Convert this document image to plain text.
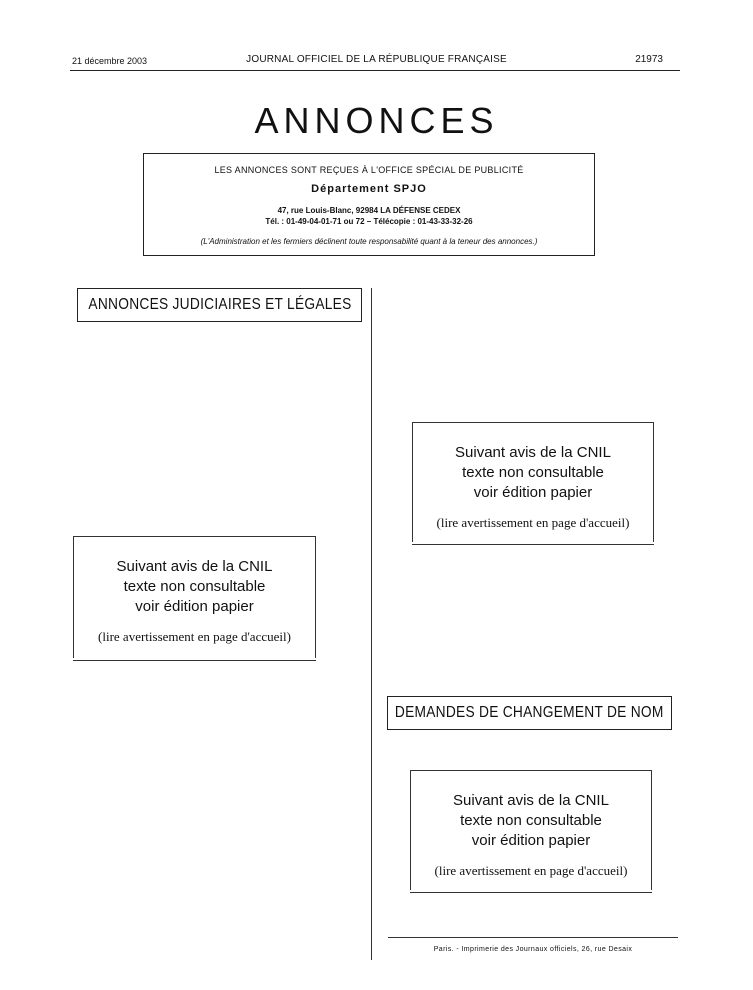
21 décembre 2003	JOURNAL OFFICIEL DE LA RÉPUBLIQUE FRANÇAISE	21973
ANNONCES
LES ANNONCES SONT REÇUES À L'OFFICE SPÉCIAL DE PUBLICITÉ
Département SPJO
47, rue Louis-Blanc, 92984 LA DÉFENSE CEDEX
Tél. : 01-49-04-01-71 ou 72 – Télécopie : 01-43-33-32-26
(L'Administration et les fermiers déclinent toute responsabilité quant à la teneur des annonces.)
ANNONCES JUDICIAIRES ET LÉGALES
Suivant avis de la CNIL
texte non consultable
voir édition papier
(lire avertissement en page d'accueil)
Suivant avis de la CNIL
texte non consultable
voir édition papier
(lire avertissement en page d'accueil)
DEMANDES DE CHANGEMENT DE NOM
Suivant avis de la CNIL
texte non consultable
voir édition papier
(lire avertissement en page d'accueil)
Paris. - Imprimerie des Journaux officiels, 26, rue Desaix
